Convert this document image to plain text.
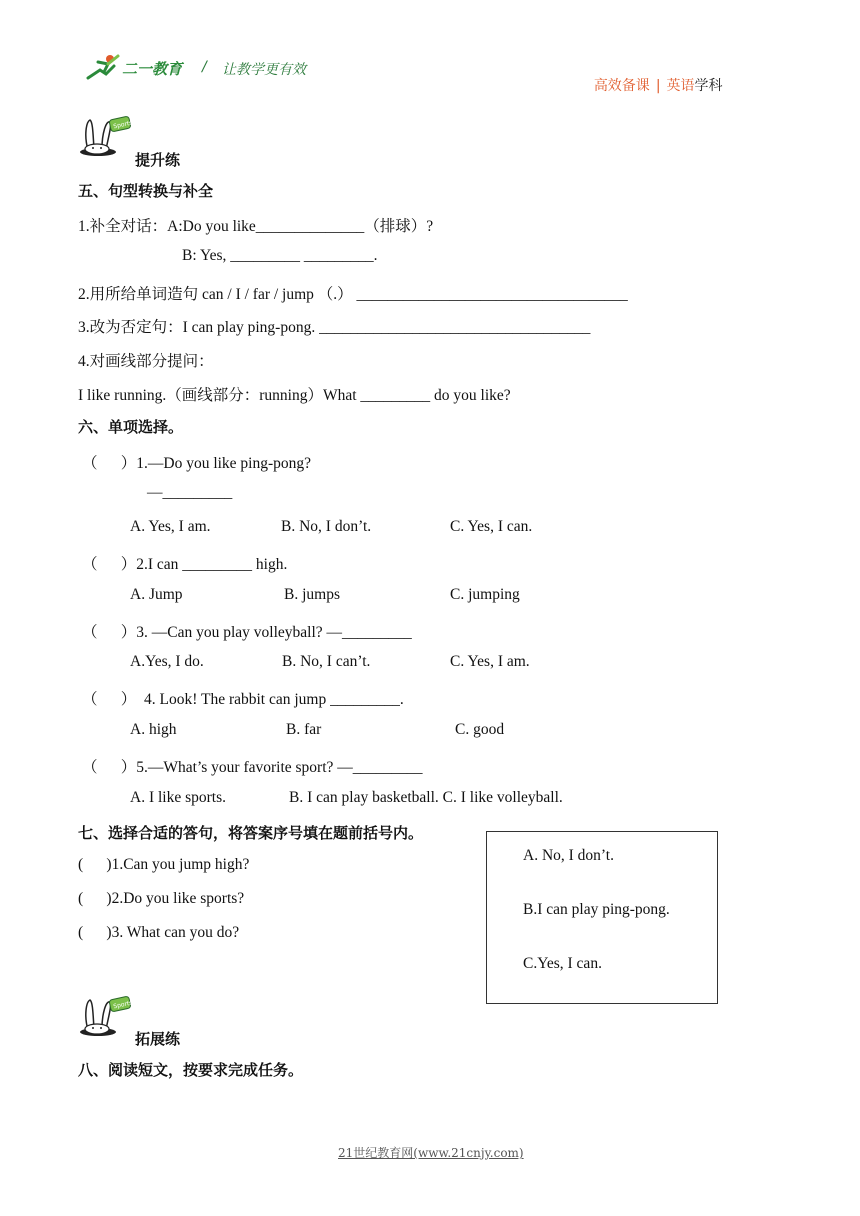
二一教育 / 让教学更有效

高效备课 | 英语学科

Sports
提升练
五、句型转换与补全
1.补全对话：A:Do you like______________（排球）?
B: Yes, _________ _________.
2.用所给单词造句 can / I / far / jump （.） ___________________________________
3.改为否定句：I can play ping-pong. ___________________________________
4.对画线部分提问：
I like running.（画线部分：running）What _________ do you like?
六、单项选择。
（      ）1.—Do you like ping-pong?
—_________
A. Yes, I am.	B. No, I don’t.	C. Yes, I can.
（      ）2.I can _________ high.
A. Jump	B. jumps	C. jumping
（      ）3. —Can you play volleyball? —_________
A.Yes, I do.	B. No, I can’t.	C. Yes, I am.
（      ）  4. Look! The rabbit can jump _________.
A. high	B. far	C. good
（      ）5.—What’s your favorite sport? —_________
A. I like sports.	B. I can play basketball. C. I like volleyball.
七、选择合适的答句，将答案序号填在题前括号内。
(      )1.Can you jump high?
(      )2.Do you like sports?
(      )3. What can you do?
A. No, I don’t.
B.I can play ping-pong.
C.Yes, I can.
Sports
拓展练
八、阅读短文，按要求完成任务。
21世纪教育网(www.21cnjy.com)
